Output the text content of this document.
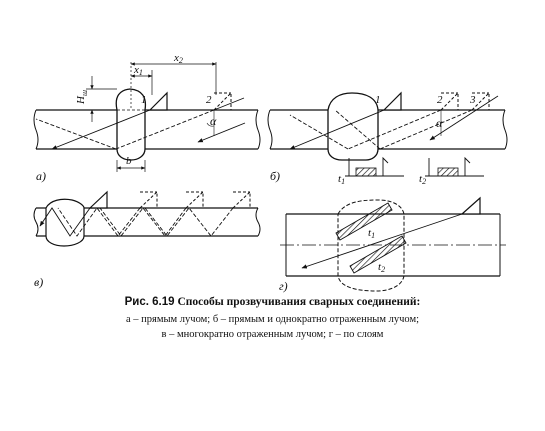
$H_ш$
b
x1
x2
1	2
α
а)
1	2	3
α
t1	t2
б)
в)
t1
t2
г)
Рис. 6.19 Способы прозвучивания сварных соединений:
а – прямым лучом; б – прямым и однократно отраженным лучом;
в – многократно отраженным лучом; г – по слоям
